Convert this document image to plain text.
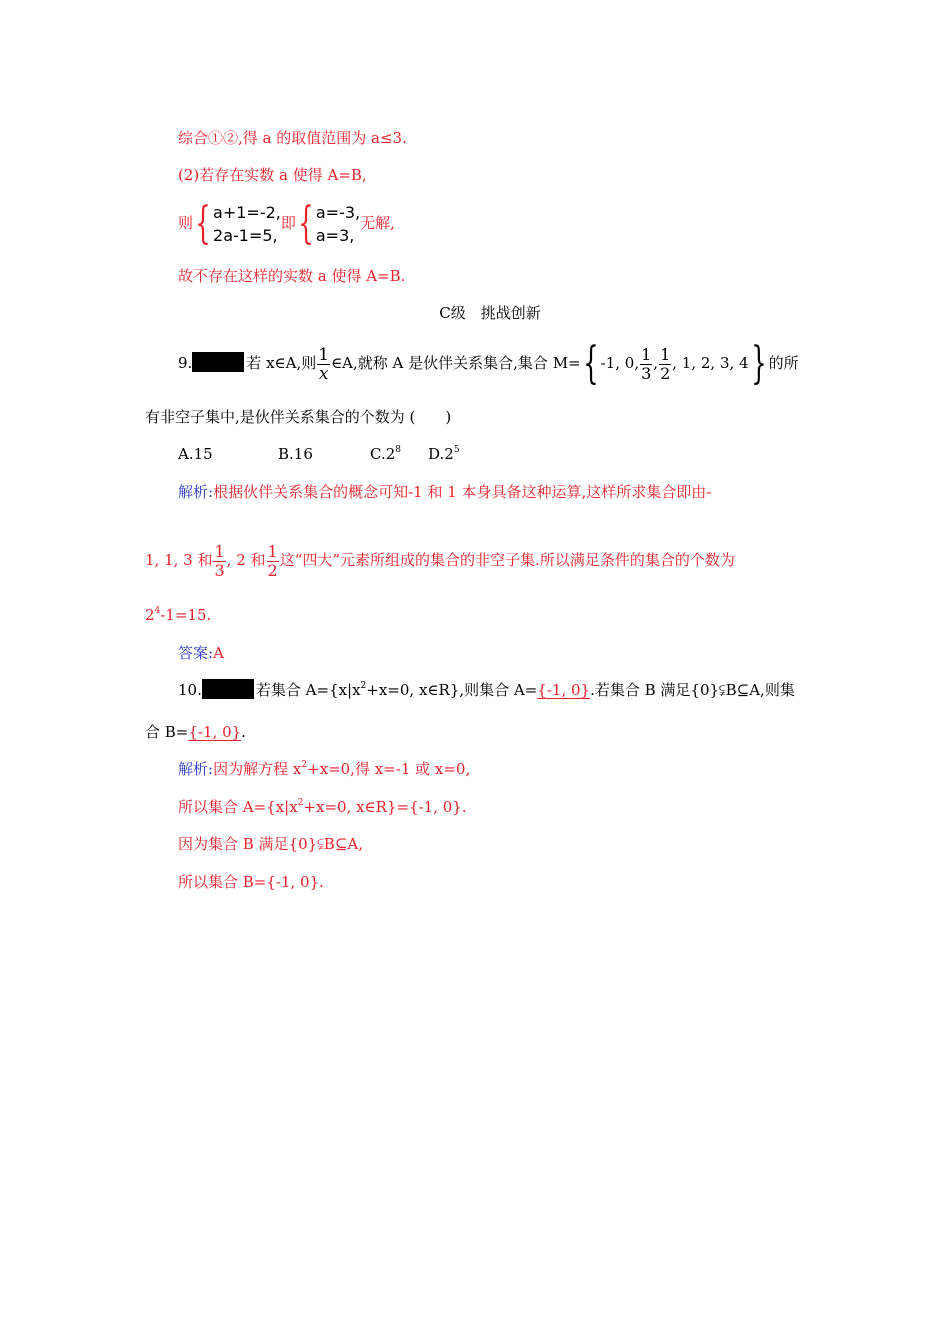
综合①②,得 a 的取值范围为 a≤3.
(2)若存在实数 a 使得 A=B,
则{ a+1=-2,
2a-1=5,即{ a=-3,
a=3,无解,
故不存在这样的实数 a 使得 A=B.
C级　挑战创新
9.	若 x∈A,则 $\frac{1}{x}$ ∈A,就称 A 是伙伴关系集合,集合 M={ -1, 0, $\frac{1}{3}$ , $\frac{1}{2}$ , 1, 2, 3, 4} 的所
有非空子集中,是伙伴关系集合的个数为 (　　)
A.15	B.16	$C.2^8$ $D.2^5$
解析:根据伙伴关系集合的概念可知-1 和 1 本身具备这种运算,这样所求集合即由-
1, 1, 3 和 $\frac{1}{3}$ , 2 和 $\frac{1}{2}$ 这“四大”元素所组成的集合的非空子集.所以满足条件的集合的个数为
$2^4-1=15$.
答案:A
10.	若集合 $A=\{x|x^2+x=0$, x∈R},则集合 A={-1, 0}.若集合 B 满足{0}⫋B⊆A,则集
合 B={-1, 0}.
解析:因为解方程 $x^2+x=0$,得 x=-1 或 x=0,
所以集合 $A=\{x|x^2+x=0$, x∈R}={-1, 0}.
因为集合 B 满足{0}⫋B⊆A,
所以集合 B={-1, 0}.
